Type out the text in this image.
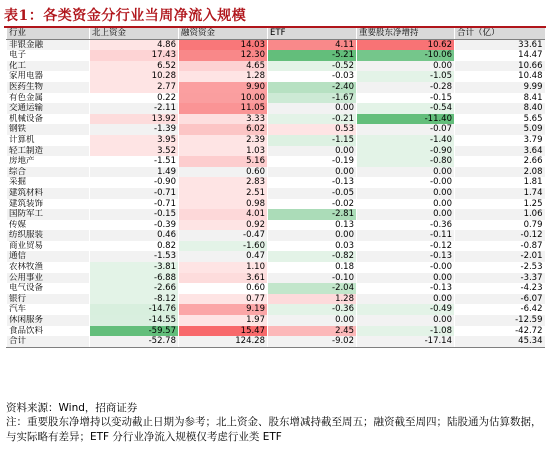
表1：各类资金分行业当周净流入规模
行业	北上资金	融资资金	ETF	重要股东净增持	合计（亿）
非银金融	4.86	14.03	4.11	10.62	33.61
电子	17.43	12.30	-5.21	-10.06	14.47
化工	6.52	4.65	-0.52	0.00	10.66
家用电器	10.28	1.28	-0.03	-1.05	10.48
医药生物	2.77	9.90	-2.40	-0.28	9.99
有色金属	0.22	10.00	-1.67	-0.15	8.41
交通运输	-2.11	11.05	0.00	-0.54	8.40
机械设备	13.92	3.33	-0.21	-11.40	5.65
钢铁	-1.39	6.02	0.53	-0.07	5.09
计算机	3.95	2.39	-1.15	-1.40	3.79
轻工制造	3.52	1.03	0.00	-0.90	3.64
房地产	-1.51	5.16	-0.19	-0.80	2.66
综合	1.49	0.60	0.00	0.00	2.08
采掘	-0.90	2.83	-0.13	-0.00	1.81
建筑材料	-0.71	2.51	-0.05	0.00	1.74
建筑装饰	-0.71	0.98	-0.02	0.00	1.25
国防军工	-0.15	4.01	-2.81	0.00	1.06
传媒	-0.39	0.92	0.13	-0.36	0.79
纺织服装	0.46	-0.47	0.00	-0.11	-0.12
商业贸易	0.82	-1.60	0.03	-0.12	-0.87
通信	-1.53	0.47	-0.82	-0.13	-2.01
农林牧渔	-3.81	1.10	0.18	-0.00	-2.53
公用事业	-6.88	3.61	-0.10	0.00	-3.37
电气设备	-2.66	0.60	-2.04	-0.13	-4.23
银行	-8.12	0.77	1.28	0.00	-6.07
汽车	-14.76	9.19	-0.36	-0.49	-6.42
休闲服务	-14.55	1.97	0.00	0.00	-12.59
食品饮料	-59.57	15.47	2.45	-1.08	-42.72
合计	-52.78	124.28	-9.02	-17.14	45.34
资料来源：Wind，招商证券
注：重要股东净增持以变动截止日期为参考；北上资金、股东增减持截至周五；融资截至周四；陆股通为估算数据，与实际略有差异；ETF 分行业净流入规模仅考虑行业类 ETF
